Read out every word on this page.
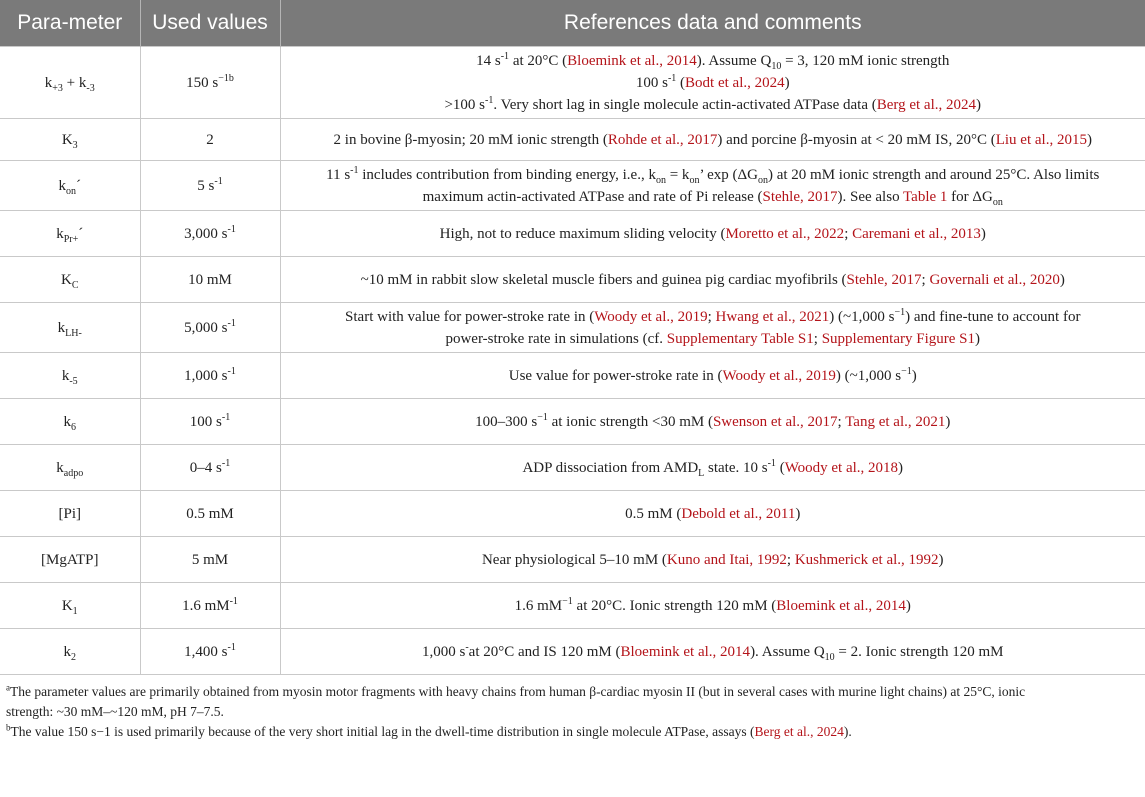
Para-meter	Used values	References data and comments
$k_{+3} + k_{-3}$	150 $s^{-1b}$	14 $s^{-1}$ at 20°C (Bloemink et al., 2014). Assume $Q_{10} = 3$, 120 mM ionic strength
100 $s^{-1}$ (Bodt et al., 2024)
>100 $s^{-1}$. Very short lag in single molecule actin-activated ATPase data (Berg et al., 2024)

$K_3$	2	2 in bovine β-myosin; 20 mM ionic strength (Rohde et al., 2017) and porcine β-myosin at < 20 mM IS, 20°C (Liu et al., 2015)

$k_{on}´$	5 $s^{-1}$	11 $s^{-1}$ includes contribution from binding energy, i.e., $k_{on} = k_{on}$’ $\exp (\Delta G_{on})$ at 20 mM ionic strength and around 25°C. Also limits
maximum actin-activated ATPase and rate of Pi release (Stehle, 2017). See also Table 1 for $\Delta G_{on}$

$k_{Pr+}´$	3,000 $s^{-1}$	High, not to reduce maximum sliding velocity (Moretto et al., 2022; Caremani et al., 2013)

$K_C$	10 mM	~10 mM in rabbit slow skeletal muscle fibers and guinea pig cardiac myofibrils (Stehle, 2017; Governali et al., 2020)

$k_{LH-}$	5,000 $s^{-1}$	Start with value for power-stroke rate in (Woody et al., 2019; Hwang et al., 2021) (~1,000 $s^{-1}$) and fine-tune to account for
power-stroke rate in simulations (cf. Supplementary Table S1; Supplementary Figure S1)

$k_{-5}$	1,000 $s^{-1}$	Use value for power-stroke rate in (Woody et al., 2019) (~1,000 $s^{-1}$)

$k_6$	100 $s^{-1}$	100–300 $s^{-1}$ at ionic strength <30 mM (Swenson et al., 2017; Tang et al., 2021)

$k_{adpo}$	0–4 $s^{-1}$	ADP dissociation from $AMD_L$ state. 10 $s^{-1}$ (Woody et al., 2018)

[Pi]	0.5 mM	0.5 mM (Debold et al., 2011)

[MgATP]	5 mM	Near physiological 5–10 mM (Kuno and Itai, 1992; Kushmerick et al., 1992)

$K_1$	1.6 $mM^{-1}$	1.6 $mM^{-1}$ at 20°C. Ionic strength 120 mM (Bloemink et al., 2014)

$k_2$	1,400 $s^{-1}$	1,000 s-at 20°C and IS 120 mM (Bloemink et al., 2014). Assume $Q_{10} = 2$. Ionic strength 120 mM
$^a$The parameter values are primarily obtained from myosin motor fragments with heavy chains from human β-cardiac myosin II (but in several cases with murine light chains) at 25°C, ionic
strength: ~30 mM–~120 mM, pH 7–7.5.
$^b$The value 150 s−1 is used primarily because of the very short initial lag in the dwell-time distribution in single molecule ATPase, assays (Berg et al., 2024).
